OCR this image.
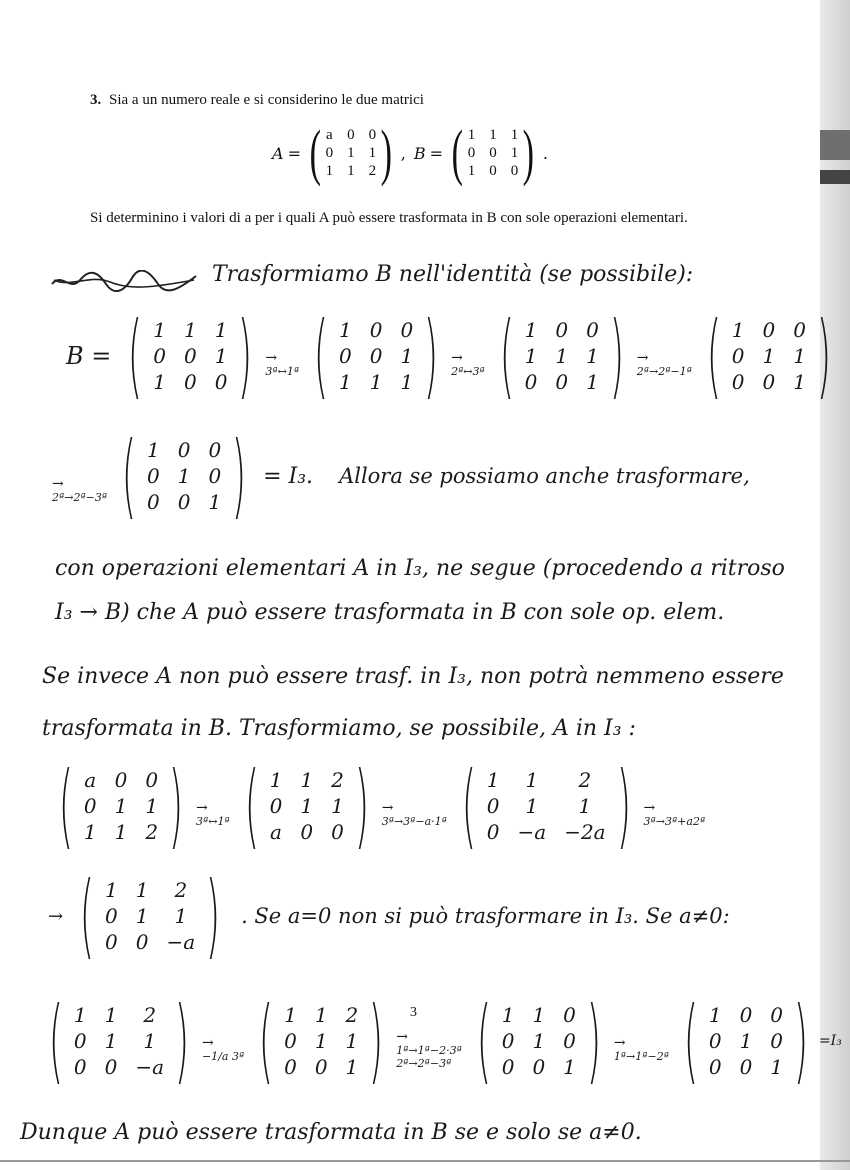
3. Sia a un numero reale e si considerino le due matrici
A = ( a 0 0
0 1 1
1 1 2 ) , B = ( 1 1 1
0 0 1
1 0 0 ) .
Si determinino i valori di a per i quali A può essere trasformata in B con sole operazioni elementari.
Trasformiamo B nell'identità (se possibile):
B = ( 1 1 1
0 0 1
1 0 0 ) →
3ª↔1ª ( 1 0 0
0 0 1
1 1 1 ) →
2ª↔3ª ( 1 0 0
1 1 1
0 0 1 ) →
2ª→2ª−1ª ( 1 0 0
0 1 1
0 0 1 )
→
2ª→2ª−3ª ( 1 0 0
0 1 0
0 0 1 ) = I₃. Allora se possiamo anche trasformare,
con operazioni elementari A in I₃, ne segue (procedendo a ritroso
I₃ → B) che A può essere trasformata in B con sole op. elem.
Se invece A non può essere trasf. in I₃, non potrà nemmeno essere
trasformata in B. Trasformiamo, se possibile, A in I₃ :
( a 0 0
0 1 1
1 1 2 ) →
3ª↔1ª ( 1 1 2
0 1 1
a 0 0 ) →
3ª→3ª−a·1ª ( 1	1	2
0	1	1
0 −a −2a ) →
3ª→3ª+a2ª
→ ( 1 1	2
0 1	1
0 0 −a ) . Se a=0 non si può trasformare in I₃. Se a≠0:
3
( 1 1	2
0 1	1
0 0 −a ) →
−1/a 3ª ( 1 1 2
0 1 1
0 0 1 ) →
1ª→1ª−2·3ª
2ª→2ª−3ª ( 1 1 0
0 1 0
0 0 1 ) →
1ª→1ª−2ª ( 1 0 0
0 1 0
0 0 1 ) =I₃
Dunque A può essere trasformata in B se e solo se a≠0.
